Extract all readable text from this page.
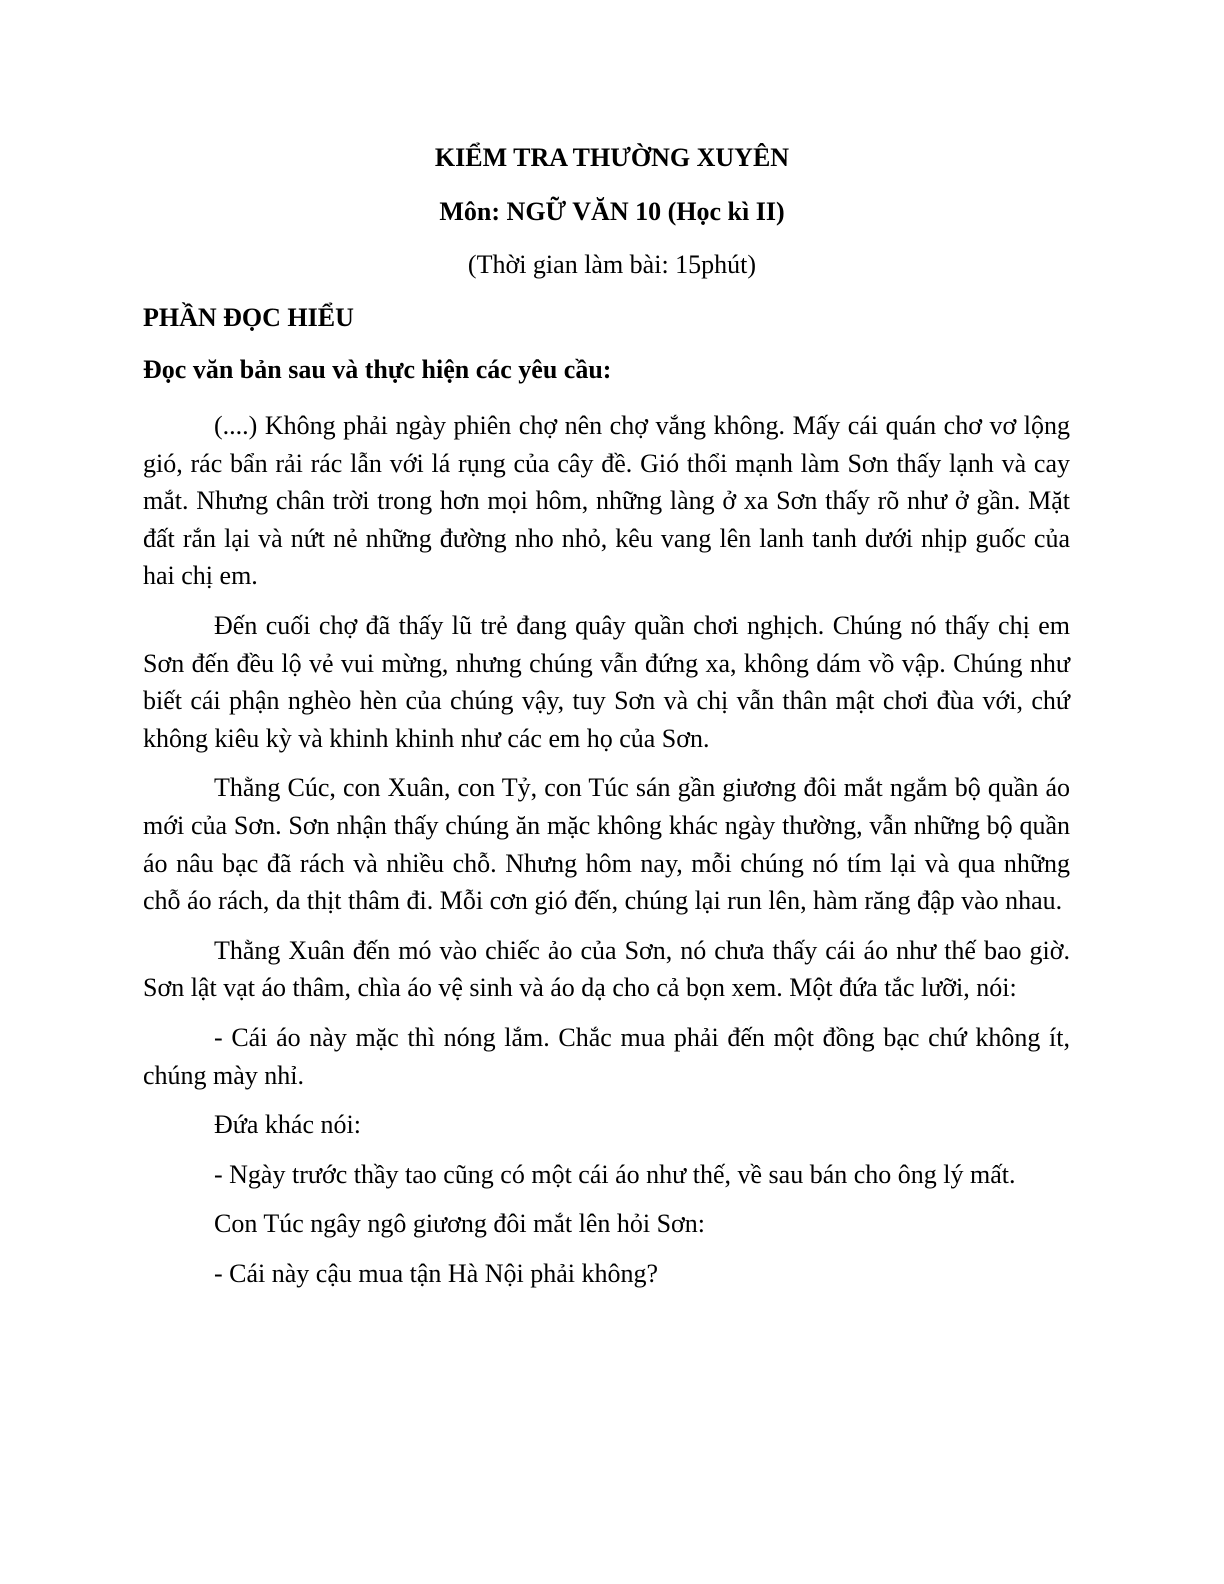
KIỂM TRA THƯỜNG XUYÊN
Môn: NGỮ VĂN 10 (Học kì II)

(Thời gian làm bài: 15phút)

PHẦN ĐỌC HIỂU

Đọc văn bản sau và thực hiện các yêu cầu:

(....) Không phải ngày phiên chợ nên chợ vắng không. Mấy cái quán chơ vơ lộng gió, rác bẩn rải rác lẫn với lá rụng của cây đề. Gió thổi mạnh làm Sơn thấy lạnh và cay mắt. Nhưng chân trời trong hơn mọi hôm, những làng ở xa Sơn thấy rõ như ở gần. Mặt đất rắn lại và nứt nẻ những đường nho nhỏ, kêu vang lên lanh tanh dưới nhịp guốc của hai chị em.

Đến cuối chợ đã thấy lũ trẻ đang quây quần chơi nghịch. Chúng nó thấy chị em Sơn đến đều lộ vẻ vui mừng, nhưng chúng vẫn đứng xa, không dám vồ vập. Chúng như biết cái phận nghèo hèn của chúng vậy, tuy Sơn và chị vẫn thân mật chơi đùa với, chứ không kiêu kỳ và khinh khinh như các em họ của Sơn.

Thằng Cúc, con Xuân, con Tỷ, con Túc sán gần giương đôi mắt ngắm bộ quần áo mới của Sơn. Sơn nhận thấy chúng ăn mặc không khác ngày thường, vẫn những bộ quần áo nâu bạc đã rách và nhiều chỗ. Nhưng hôm nay, mỗi chúng nó tím lại và qua những chỗ áo rách, da thịt thâm đi. Mỗi cơn gió đến, chúng lại run lên, hàm răng đập vào nhau.

Thằng Xuân đến mó vào chiếc ảo của Sơn, nó chưa thấy cái áo như thế bao giờ. Sơn lật vạt áo thâm, chìa áo vệ sinh và áo dạ cho cả bọn xem. Một đứa tắc lưỡi, nói:

- Cái áo này mặc thì nóng lắm. Chắc mua phải đến một đồng bạc chứ không ít, chúng mày nhỉ.

Đứa khác nói:

- Ngày trước thầy tao cũng có một cái áo như thế, về sau bán cho ông lý mất.

Con Túc ngây ngô giương đôi mắt lên hỏi Sơn:

- Cái này cậu mua tận Hà Nội phải không?
